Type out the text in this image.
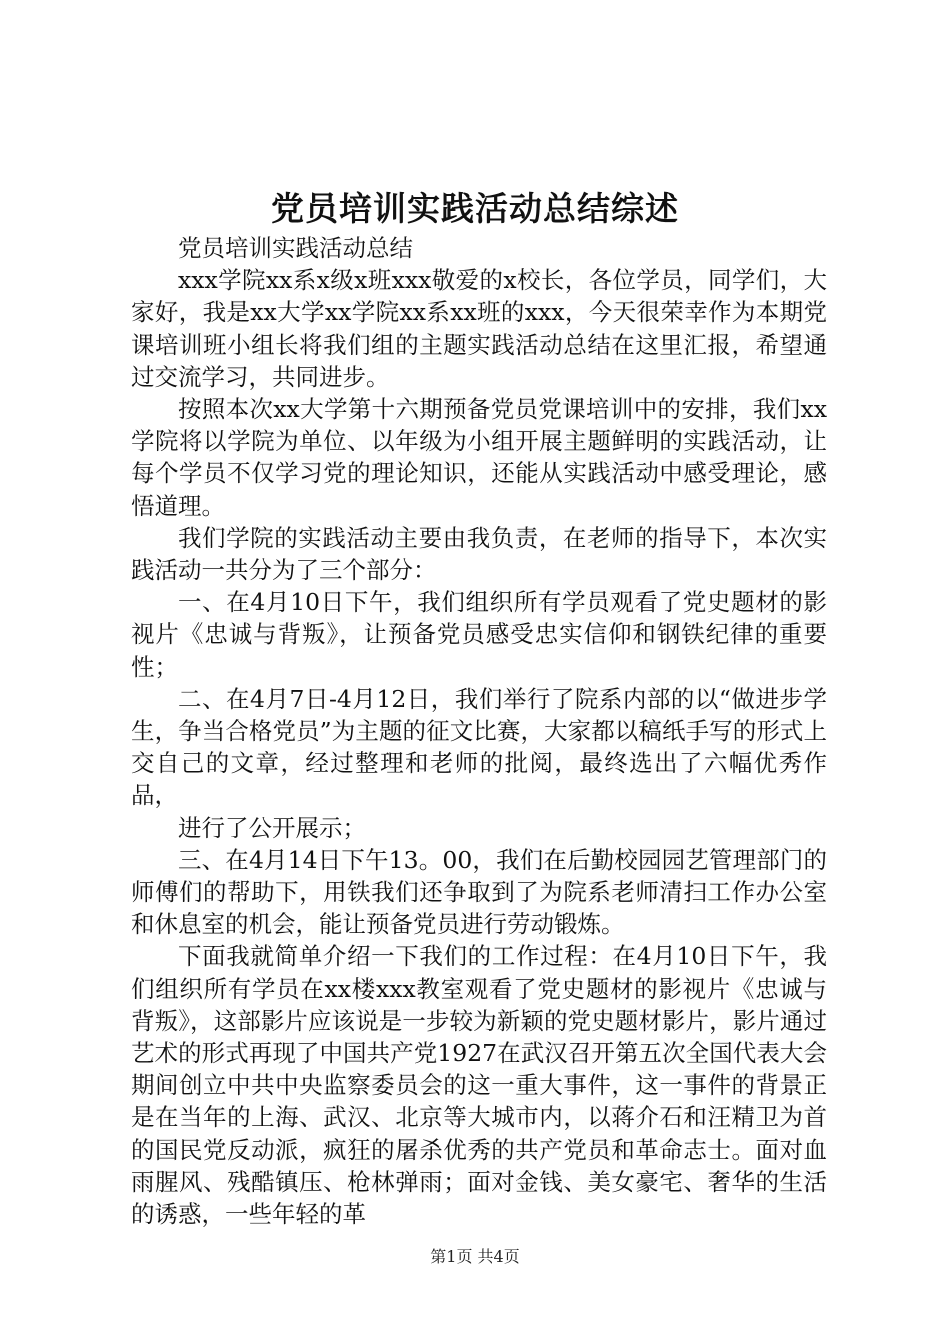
党员培训实践活动总结综述

党员培训实践活动总结

xxx学院xx系x级x班xxx敬爱的x校长，各位学员，同学们，大家好，我是xx大学xx学院xx系xx班的xxx，今天很荣幸作为本期党课培训班小组长将我们组的主题实践活动总结在这里汇报，希望通过交流学习，共同进步。

按照本次xx大学第十六期预备党员党课培训中的安排，我们xx学院将以学院为单位、以年级为小组开展主题鲜明的实践活动，让每个学员不仅学习党的理论知识，还能从实践活动中感受理论，感悟道理。

我们学院的实践活动主要由我负责，在老师的指导下，本次实践活动一共分为了三个部分：

一、在4月10日下午，我们组织所有学员观看了党史题材的影视片《忠诚与背叛》，让预备党员感受忠实信仰和钢铁纪律的重要性；

二、在4月7日-4月12日，我们举行了院系内部的以“做进步学生，争当合格党员”为主题的征文比赛，大家都以稿纸手写的形式上交自己的文章，经过整理和老师的批阅，最终选出了六幅优秀作品，

进行了公开展示；

三、在4月14日下午13。00，我们在后勤校园园艺管理部门的师傅们的帮助下，用铁我们还争取到了为院系老师清扫工作办公室和休息室的机会，能让预备党员进行劳动锻炼。

下面我就简单介绍一下我们的工作过程：在4月10日下午，我们组织所有学员在xx楼xxx教室观看了党史题材的影视片《忠诚与背叛》，这部影片应该说是一步较为新颖的党史题材影片，影片通过艺术的形式再现了中国共产党1927在武汉召开第五次全国代表大会期间创立中共中央监察委员会的这一重大事件，这一事件的背景正是在当年的上海、武汉、北京等大城市内，以蒋介石和汪精卫为首的国民党反动派，疯狂的屠杀优秀的共产党员和革命志士。面对血雨腥风、残酷镇压、枪林弹雨；面对金钱、美女豪宅、奢华的生活的诱惑，一些年轻的革

第1页 共4页
